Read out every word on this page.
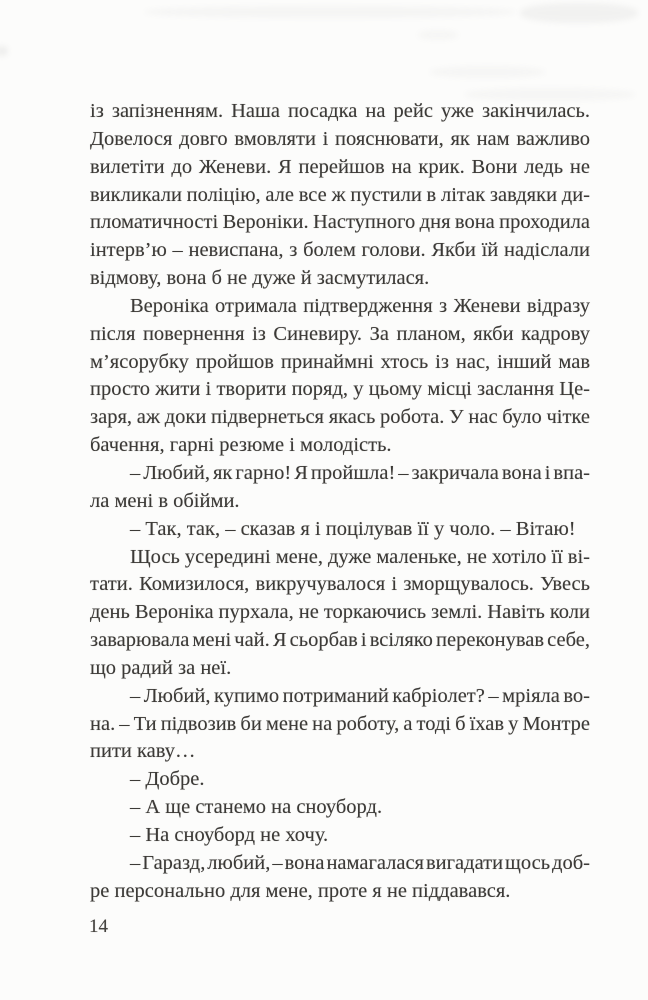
із запізненням. Наша посадка на рейс уже закінчилась.
Довелося довго вмовляти і пояснювати, як нам важливо
вилетіти до Женеви. Я перейшов на крик. Вони ледь не
викликали поліцію, але все ж пустили в літак завдяки ди-
пломатичності Вероніки. Наступного дня вона проходила
інтерв’ю – невиспана, з болем голови. Якби їй надіслали
відмову, вона б не дуже й засмутилася.
Вероніка отримала підтвердження з Женеви відразу
після повернення із Синевиру. За планом, якби кадрову
м’ясорубку пройшов принаймні хтось із нас, інший мав
просто жити і творити поряд, у цьому місці заслання Це-
заря, аж доки підвернеться якась робота. У нас було чітке
бачення, гарні резюме і молодість.
– Любий, як гарно! Я пройшла! – закричала вона і впа-
ла мені в обійми.
– Так, так, – сказав я і поцілував її у чоло. – Вітаю!
Щось усередині мене, дуже маленьке, не хотіло її ві-
тати. Комизилося, викручувалося і зморщувалось. Увесь
день Вероніка пурхала, не торкаючись землі. Навіть коли
заварювала мені чай. Я сьорбав і всіляко переконував себе,
що радий за неї.
– Любий, купимо потриманий кабріолет? – мріяла во-
на. – Ти підвозив би мене на роботу, а тоді б їхав у Монтре
пити каву…
– Добре.
– А ще станемо на сноуборд.
– На сноуборд не хочу.
– Гаразд, любий, – вона намагалася вигадати щось доб-
ре персонально для мене, проте я не піддавався.
14
